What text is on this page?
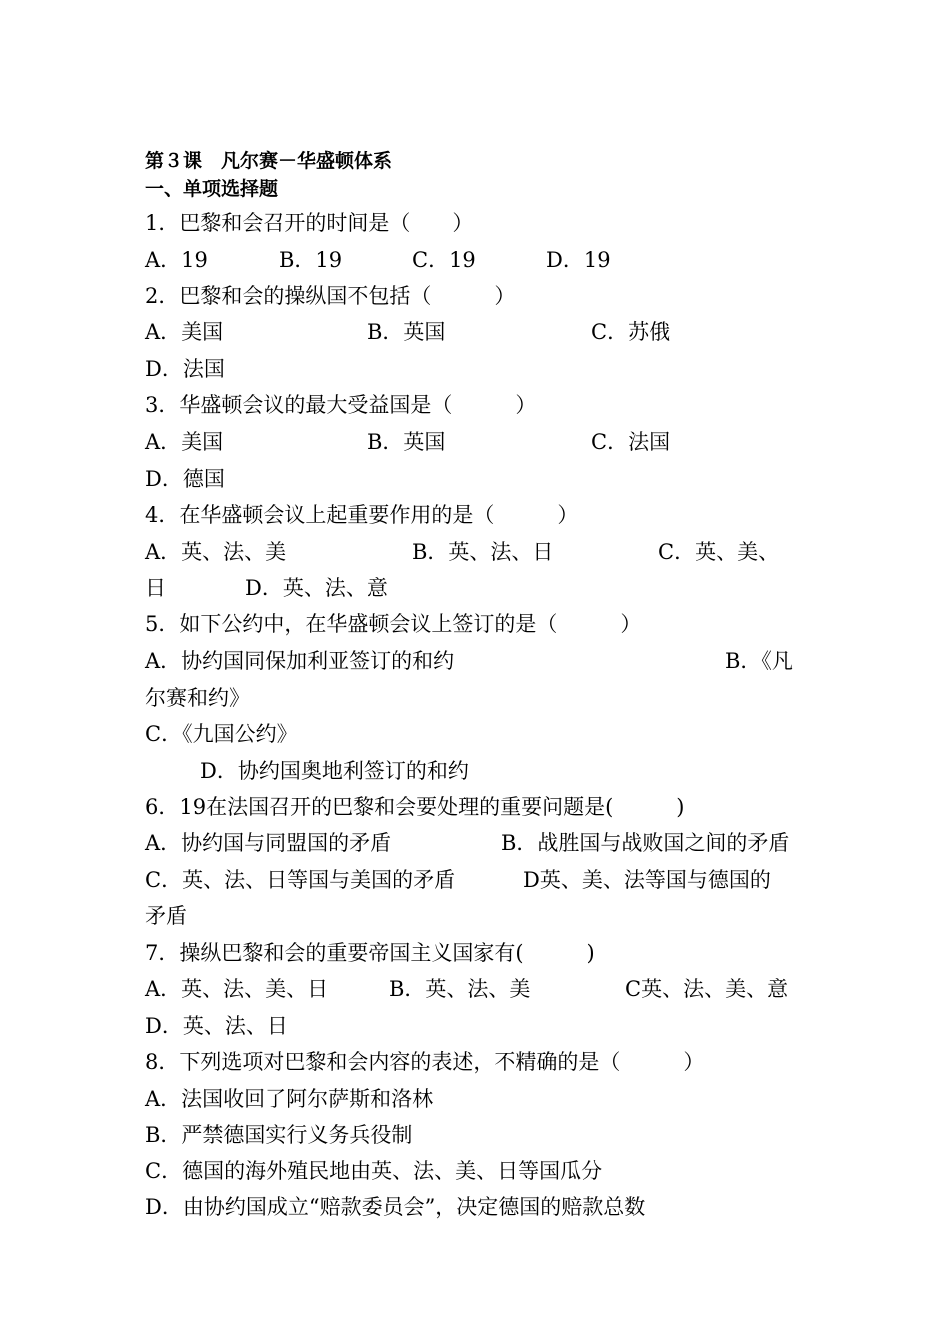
第３课　凡尔赛－华盛顿体系
一、单项选择题
1．巴黎和会召开的时间是（　　）
A．19	B．19	C．19	D．19
2．巴黎和会的操纵国不包括（　　　）
A．美国	B．英国	C．苏俄
D．法国
3．华盛顿会议的最大受益国是（　　　）
A．美国	B．英国	C．法国
D．德国
4．在华盛顿会议上起重要作用的是（　　　）
A．英、法、美	B．英、法、日	C．英、美、
日	D．英、法、意
5．如下公约中，在华盛顿会议上签订的是（　　　）
A．协约国同保加利亚签订的和约	B．《凡
尔赛和约》
C．《九国公约》
D．协约国奥地利签订的和约
6．19在法国召开的巴黎和会要处理的重要问题是(　　　)
A．协约国与同盟国的矛盾	B．战胜国与战败国之间的矛盾
C．英、法、日等国与美国的矛盾	D英、美、法等国与德国的
矛盾
7．操纵巴黎和会的重要帝国主义国家有(　　　)
A．英、法、美、日	B．英、法、美	C英、法、美、意
D．英、法、日
8．下列选项对巴黎和会内容的表述，不精确的是（　　　）
A．法国收回了阿尔萨斯和洛林
B．严禁德国实行义务兵役制
C．德国的海外殖民地由英、法、美、日等国瓜分
D．由协约国成立“赔款委员会”，决定德国的赔款总数
